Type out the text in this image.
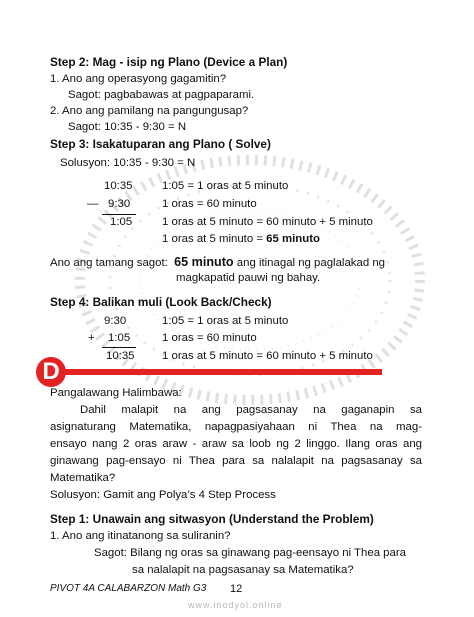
Step 2: Mag - isip ng Plano (Device a Plan)
1. Ano ang operasyong gagamitin?
Sagot: pagbabawas at pagpaparami.
2. Ano ang pamilang na pangungusap?
Sagot: 10:35 - 9:30 = N
Step 3: Isakatuparan ang Plano ( Solve)
Solusyon: 10:35 - 9:30 = N
10:35	1:05 = 1 oras at 5 minuto
— 9:30	1 oras = 60 minuto
1:05	1 oras at 5 minuto = 60 minuto + 5 minuto
1 oras at 5 minuto = 65 minuto
Ano ang tamang sagot: 65 minuto ang itinagal ng paglalakad ng
magkapatid pauwi ng bahay.
Step 4: Balikan muli (Look Back/Check)
9:30	1:05 = 1 oras at 5 minuto
+ 1:05	1 oras = 60 minuto
10:35 1 oras at 5 minuto = 60 minuto + 5 minuto
D
Pangalawang Halimbawa:
Dahil malapit na ang pagsasanay na gaganapin sa
asignaturang Matematika, napagpasiyahaan ni Thea na mag-
ensayo nang 2 oras araw - araw sa loob ng 2 linggo. Ilang oras ang
ginawang pag-ensayo ni Thea para sa nalalapit na pagsasanay sa
Matematika?
Solusyon: Gamit ang Polya’s 4 Step Process
Step 1: Unawain ang sitwasyon (Understand the Problem)
1. Ano ang itinatanong sa suliranin?
Sagot: Bilang ng oras sa ginawang pag-eensayo ni Thea para
sa nalalapit na pagsasanay sa Matematika?
PIVOT 4A CALABARZON Math G3 12
www.inodyol.online
